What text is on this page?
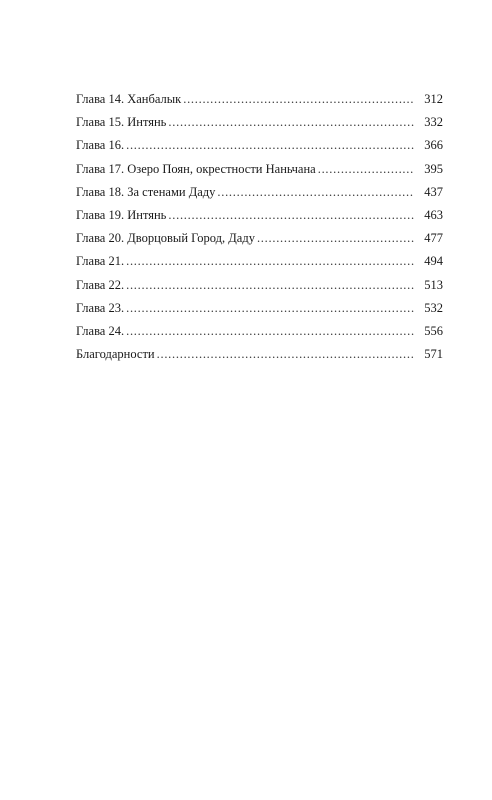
Глава 14. Ханбалык . . .	312
Глава 15. Интянь . . .	332
Глава 16. . . .	366
Глава 17. Озеро Поян, окрестности Наньчана . . .	395
Глава 18. За стенами Даду . . .	437
Глава 19. Интянь . . .	463
Глава 20. Дворцовый Город, Даду . . .	477
Глава 21. . . .	494
Глава 22. . . .	513
Глава 23. . . .	532
Глава 24. . . .	556
Благодарности . . .	571
